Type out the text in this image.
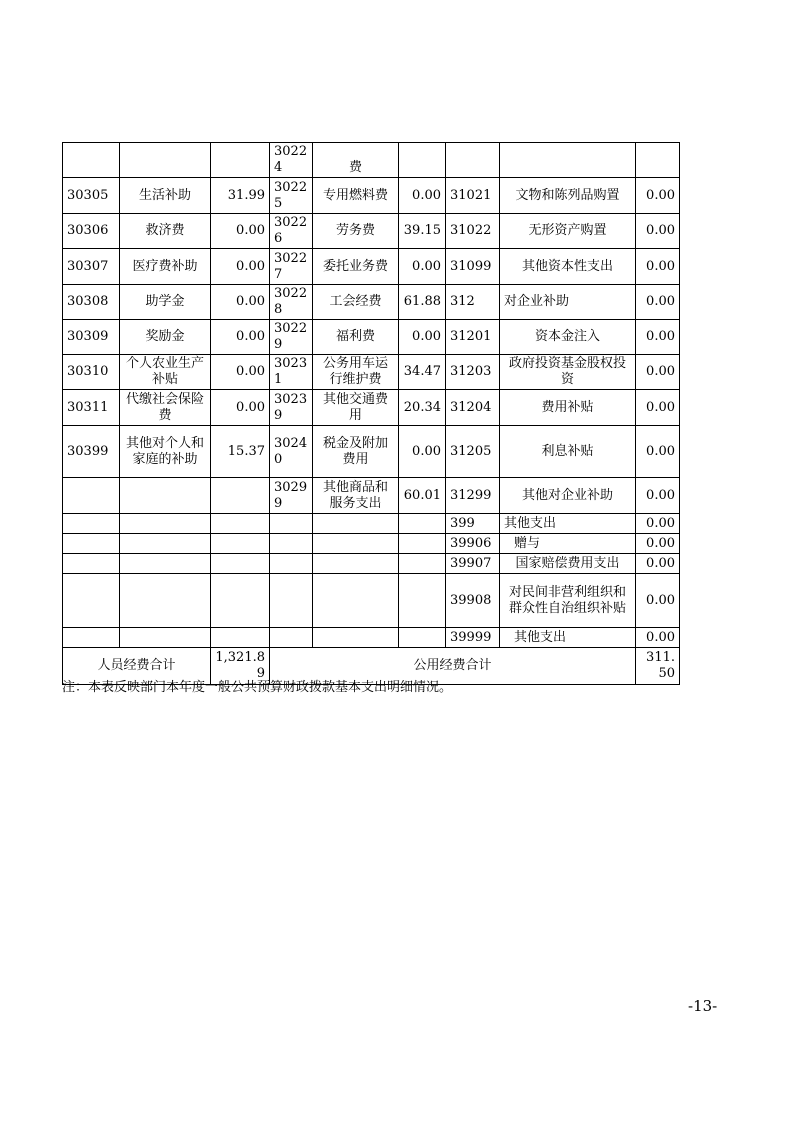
			30224	费				
30305	生活补助	31.99	30225	专用燃料费	0.00	31021	文物和陈列品购置	0.00
30306	救济费	0.00	30226	劳务费	39.15	31022	无形资产购置	0.00
30307	医疗费补助	0.00	30227	委托业务费	0.00	31099	其他资本性支出	0.00
30308	助学金	0.00	30228	工会经费	61.88	312	对企业补助	0.00
30309	奖励金	0.00	30229	福利费	0.00	31201	资本金注入	0.00
30310	个人农业生产补贴	0.00	30231	公务用车运行维护费	34.47	31203	政府投资基金股权投资	0.00
30311	代缴社会保险费	0.00	30239	其他交通费用	20.34	31204	费用补贴	0.00
30399	其他对个人和家庭的补助	15.37	30240	税金及附加费用	0.00	31205	利息补贴	0.00
			30299	其他商品和服务支出	60.01	31299	其他对企业补助	0.00
						399	其他支出	0.00
						39906	赠与	0.00
						39907	国家赔偿费用支出	0.00
						39908	对民间非营利组织和群众性自治组织补贴	0.00
						39999	其他支出	0.00
人员经费合计		1,321.89	公用经费合计					311.50
注：本表反映部门本年度一般公共预算财政拨款基本支出明细情况。
-13-
